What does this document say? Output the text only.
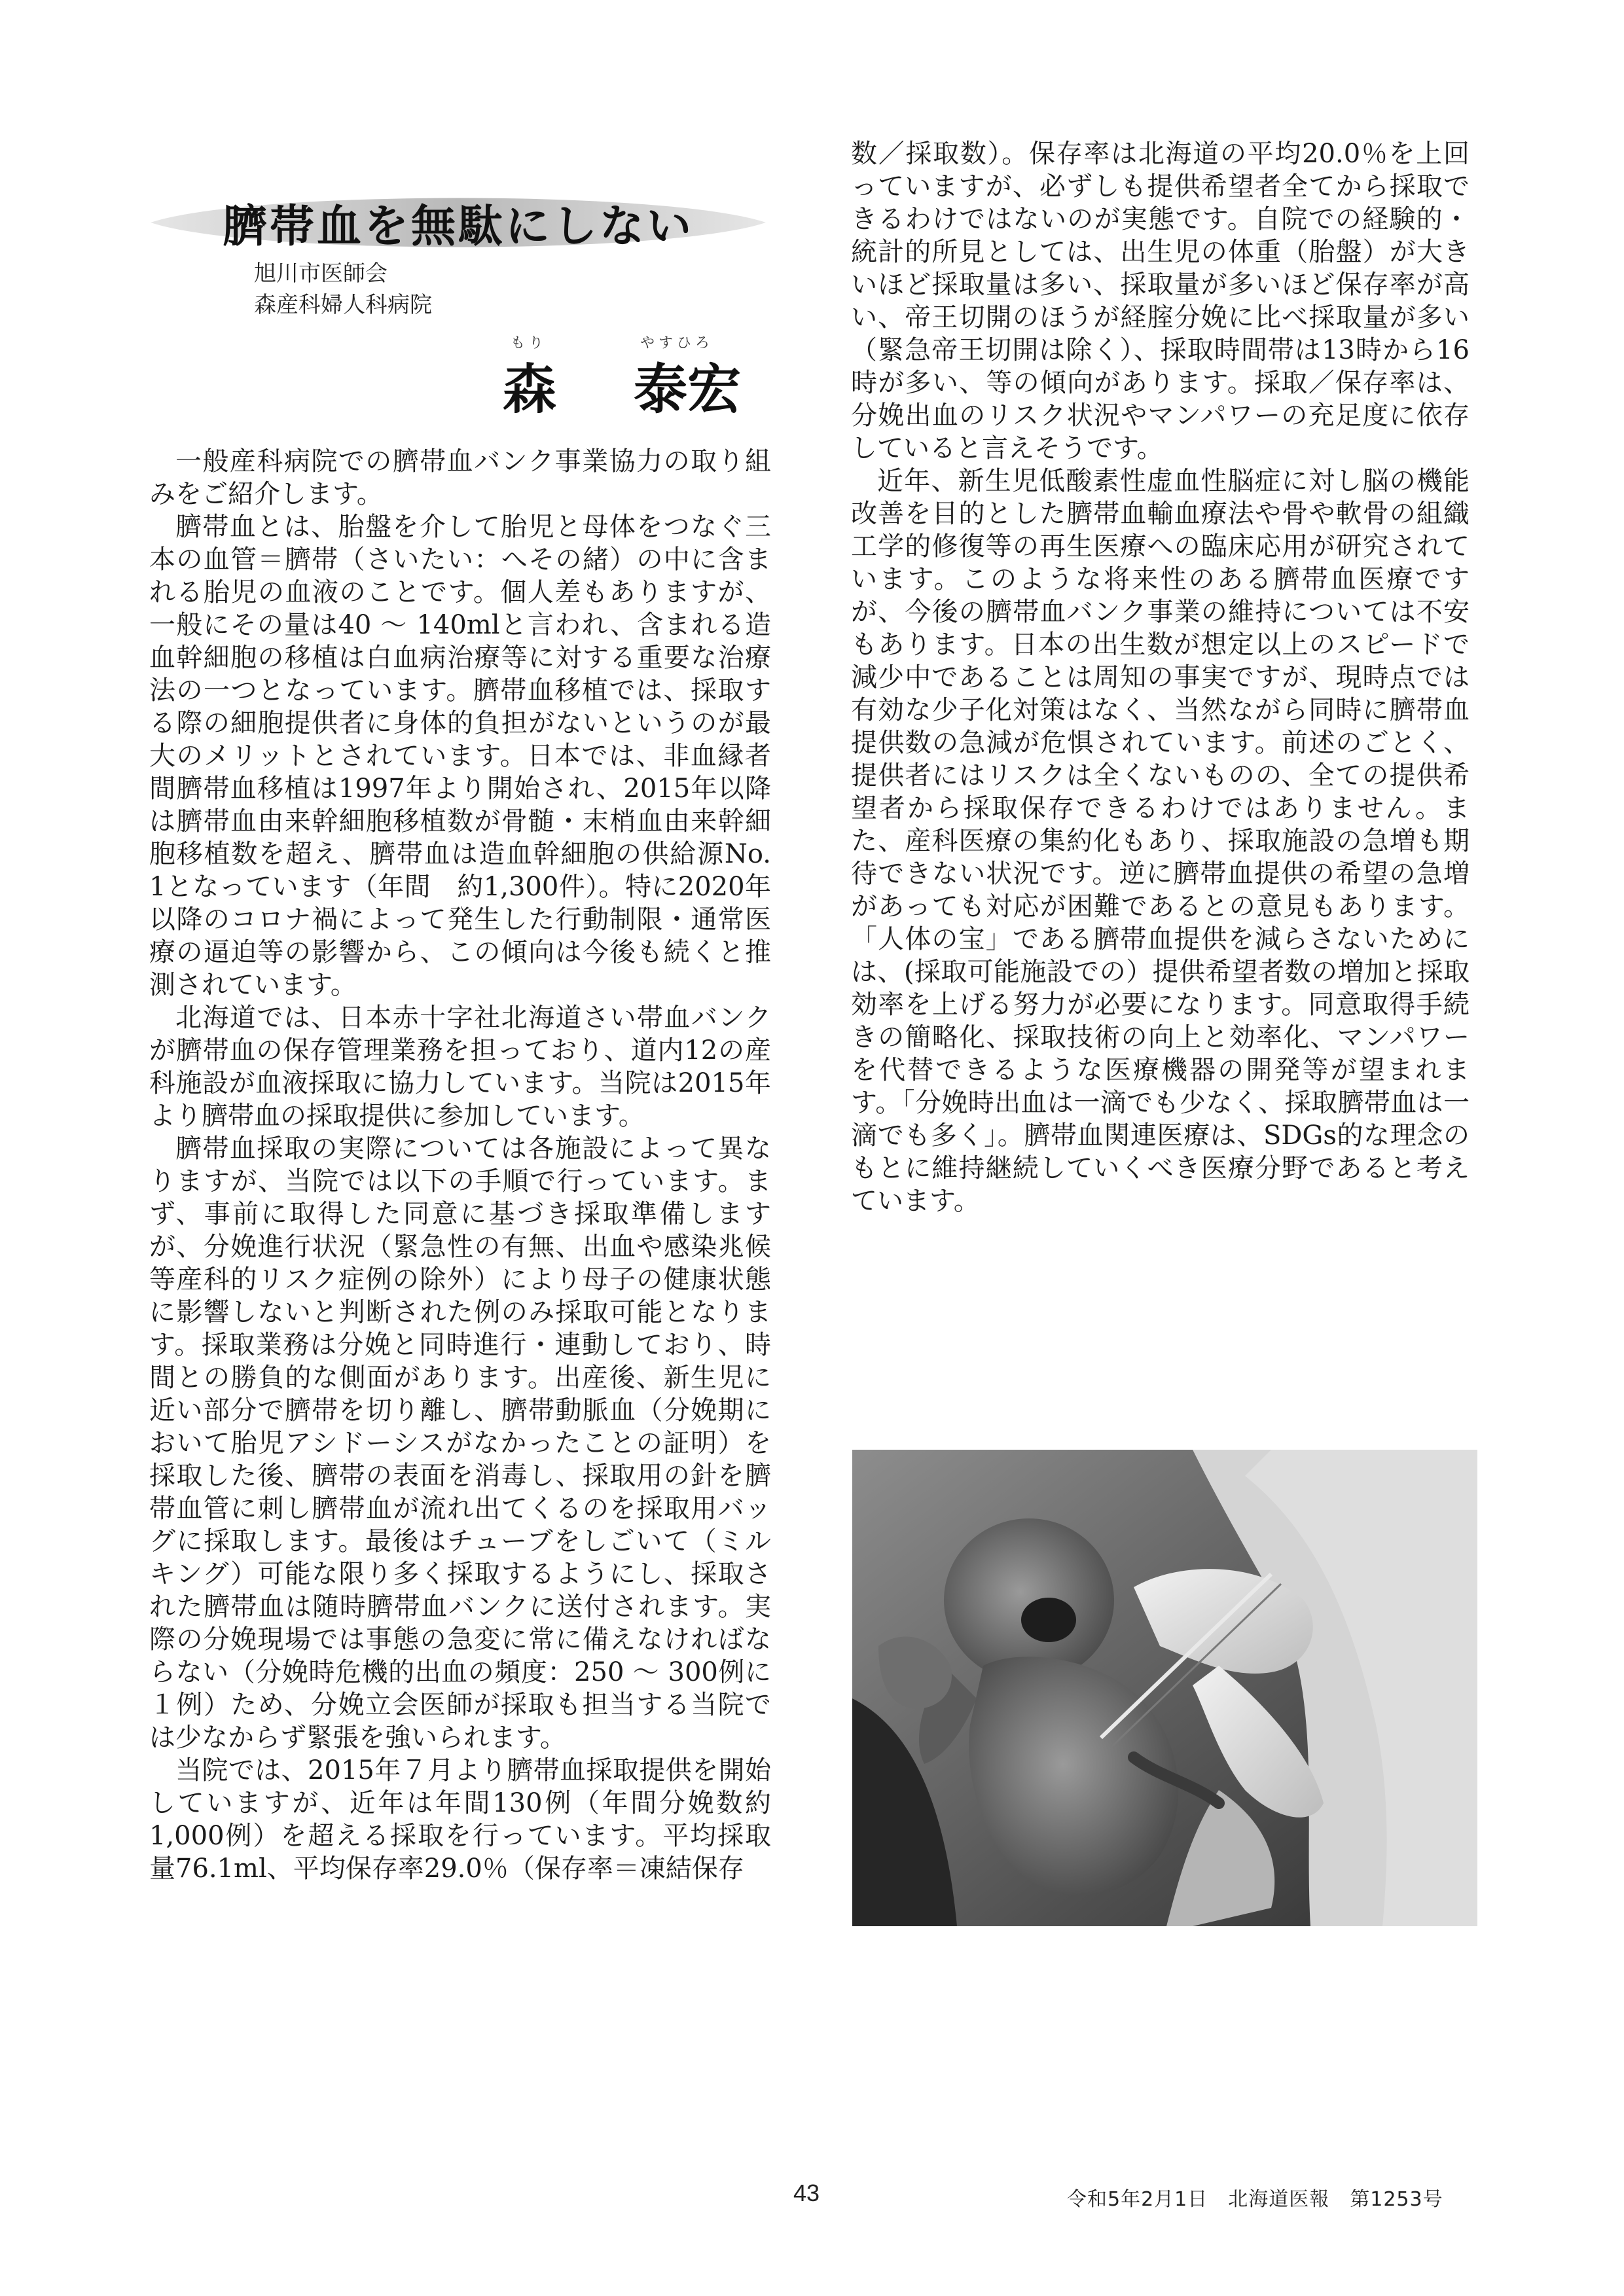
臍帯血を無駄にしない
旭川市医師会
森産科婦人科病院
もり	やすひろ
森 泰宏

一般産科病院での臍帯血バンク事業協力の取り組みをご紹介します。

臍帯血とは、胎盤を介して胎児と母体をつなぐ三本の血管＝臍帯（さいたい：へその緒）の中に含まれる胎児の血液のことです。個人差もありますが、一般にその量は40 ～ 140mlと言われ、含まれる造血幹細胞の移植は白血病治療等に対する重要な治療法の一つとなっています。臍帯血移植では、採取する際の細胞提供者に身体的負担がないというのが最大のメリットとされています。日本では、非血縁者間臍帯血移植は1997年より開始され、2015年以降は臍帯血由来幹細胞移植数が骨髄・末梢血由来幹細胞移植数を超え、臍帯血は造血幹細胞の供給源No. 1となっています（年間　約1,300件）。特に2020年以降のコロナ禍によって発生した行動制限・通常医療の逼迫等の影響から、この傾向は今後も続くと推測されています。

北海道では、日本赤十字社北海道さい帯血バンクが臍帯血の保存管理業務を担っており、道内12の産科施設が血液採取に協力しています。当院は2015年より臍帯血の採取提供に参加しています。

臍帯血採取の実際については各施設によって異なりますが、当院では以下の手順で行っています。まず、事前に取得した同意に基づき採取準備しますが、分娩進行状況（緊急性の有無、出血や感染兆候等産科的リスク症例の除外）により母子の健康状態に影響しないと判断された例のみ採取可能となります。採取業務は分娩と同時進行・連動しており、時間との勝負的な側面があります。出産後、新生児に近い部分で臍帯を切り離し、臍帯動脈血（分娩期において胎児アシドーシスがなかったことの証明）を採取した後、臍帯の表面を消毒し、採取用の針を臍帯血管に刺し臍帯血が流れ出てくるのを採取用バッグに採取します。最後はチューブをしごいて（ミルキング）可能な限り多く採取するようにし、採取された臍帯血は随時臍帯血バンクに送付されます。実際の分娩現場では事態の急変に常に備えなければならない（分娩時危機的出血の頻度：250 ～ 300例に１例）ため、分娩立会医師が採取も担当する当院では少なからず緊張を強いられます。

当院では、2015年７月より臍帯血採取提供を開始していますが、近年は年間130例（年間分娩数約1,000例）を超える採取を行っています。平均採取量76.1ml、平均保存率29.0％（保存率＝凍結保存

数／採取数）。保存率は北海道の平均20.0％を上回っていますが、必ずしも提供希望者全てから採取できるわけではないのが実態です。自院での経験的・統計的所見としては、出生児の体重（胎盤）が大きいほど採取量は多い、採取量が多いほど保存率が高い、帝王切開のほうが経腟分娩に比べ採取量が多い（緊急帝王切開は除く）、採取時間帯は13時から16時が多い、等の傾向があります。採取／保存率は、分娩出血のリスク状況やマンパワーの充足度に依存していると言えそうです。

近年、新生児低酸素性虚血性脳症に対し脳の機能改善を目的とした臍帯血輸血療法や骨や軟骨の組織工学的修復等の再生医療への臨床応用が研究されています。このような将来性のある臍帯血医療ですが、今後の臍帯血バンク事業の維持については不安もあります。日本の出生数が想定以上のスピードで減少中であることは周知の事実ですが、現時点では有効な少子化対策はなく、当然ながら同時に臍帯血提供数の急減が危惧されています。前述のごとく、提供者にはリスクは全くないものの、全ての提供希望者から採取保存できるわけではありません。また、産科医療の集約化もあり、採取施設の急増も期待できない状況です。逆に臍帯血提供の希望の急増があっても対応が困難であるとの意見もあります。「人体の宝」である臍帯血提供を減らさないためには、(採取可能施設での）提供希望者数の増加と採取効率を上げる努力が必要になります。同意取得手続きの簡略化、採取技術の向上と効率化、マンパワーを代替できるような医療機器の開発等が望まれます。「分娩時出血は一滴でも少なく、採取臍帯血は一滴でも多く」。臍帯血関連医療は、SDGs的な理念のもとに維持継続していくべき医療分野であると考えています。

43	令和5年2月1日　北海道医報　第1253号
